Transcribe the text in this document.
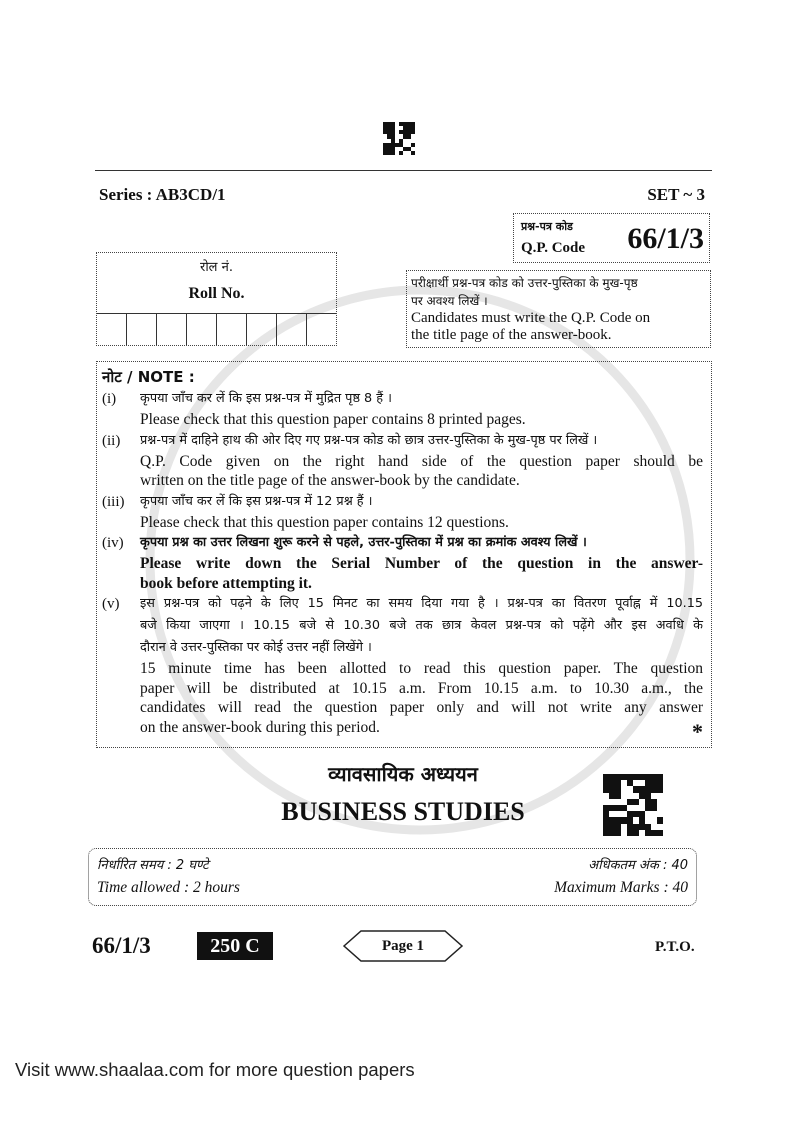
Series : AB3CD/1	SET ~ 3
प्रश्न-पत्र कोड
Q.P. Code 66/1/3
रोल नं.
Roll No.
परीक्षार्थी प्रश्न-पत्र कोड को उत्तर-पुस्तिका के मुख-पृष्ठ
पर अवश्य लिखें ।
Candidates must write the Q.P. Code on
the title page of the answer-book.
नोट / NOTE :
(i)	कृपया जाँच कर लें कि इस प्रश्न-पत्र में मुद्रित पृष्ठ 8 हैं ।
Please check that this question paper contains 8 printed pages.
(ii)	प्रश्न-पत्र में दाहिने हाथ की ओर दिए गए प्रश्न-पत्र कोड को छात्र उत्तर-पुस्तिका के मुख-पृष्ठ पर लिखें ।
Q.P. Code given on the right hand side of the question paper should be
written on the title page of the answer-book by the candidate.
(iii)	कृपया जाँच कर लें कि इस प्रश्न-पत्र में 12 प्रश्न हैं ।
Please check that this question paper contains 12 questions.
(iv)	कृपया प्रश्न का उत्तर लिखना शुरू करने से पहले, उत्तर-पुस्तिका में प्रश्न का क्रमांक अवश्य लिखें ।
Please write down the Serial Number of the question in the answer-
book before attempting it.
(v)	इस प्रश्न-पत्र को पढ़ने के लिए 15 मिनट का समय दिया गया है । प्रश्न-पत्र का वितरण पूर्वाह्न में 10.15
बजे किया जाएगा । 10.15 बजे से 10.30 बजे तक छात्र केवल प्रश्न-पत्र को पढ़ेंगे और इस अवधि के
दौरान वे उत्तर-पुस्तिका पर कोई उत्तर नहीं लिखेंगे ।
15 minute time has been allotted to read this question paper. The question
paper will be distributed at 10.15 a.m. From 10.15 a.m. to 10.30 a.m., the
candidates will read the question paper only and will not write any answer
on the answer-book during this period.	*
व्यावसायिक अध्ययन
BUSINESS STUDIES
निर्धारित समय : 2 घण्टे
Time allowed : 2 hours
अधिकतम अंक : 40
Maximum Marks : 40
66/1/3	250 C	Page 1	P.T.O.
Visit www.shaalaa.com for more question papers
